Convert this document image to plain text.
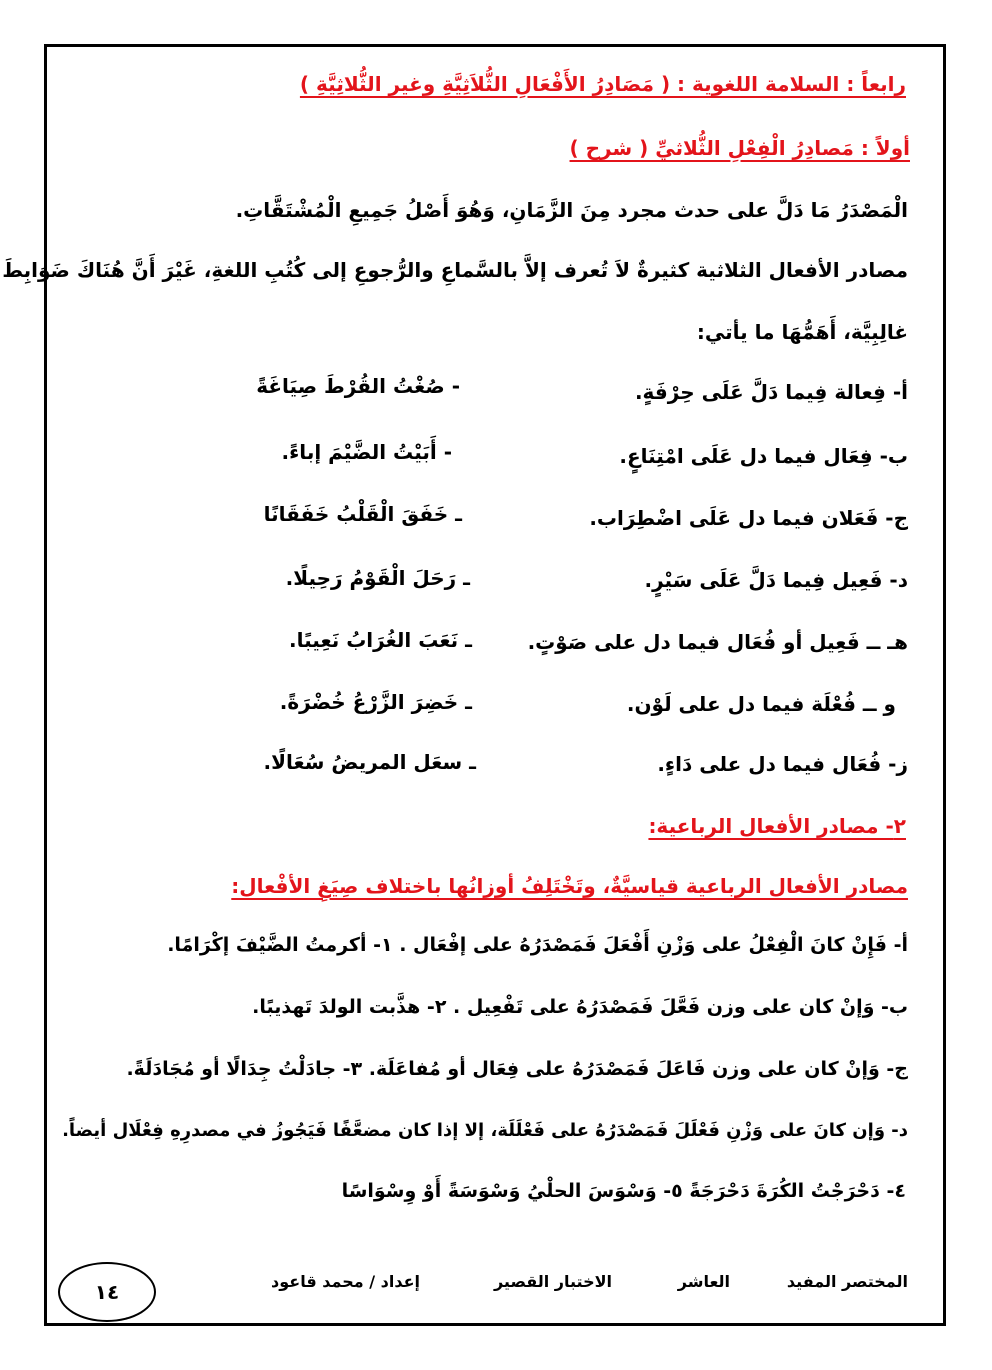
رابعاً : السلامة اللغوية : ( مَصَادِرُ الأَفْعَالِ الثُّلاَثِيَّةِ وغير الثُّلاثِيَّةِ )
أولاً : مَصادِرُ الْفِعْلِ الثُّلاثيِّ ( شرح )
الْمَصْدَرُ مَا دَلَّ على حدث مجرد مِنَ الزَّمَانِ، وَهُوَ أَصْلُ جَمِيعِ الْمُشْتَقَّاتِ.
مصادر الأفعال الثلاثية كثيرةٌ لاَ تُعرف إلاَّ بالسَّماعِ والرُّجوعِ إلى كُتُبِ اللغةِ، غَيْرَ أَنَّ هُنَاكَ ضَوَابِطَ
غالِبِيَّة، أَهَمُّهَا ما يأتي:
أ- فِعالة فِيما دَلَّ عَلَى حِرْفَةٍ.
- صُغْتُ القُرْطَ صِيَاغَةً
ب- فِعَال فيما دل عَلَى امْتِنَاعٍ.
- أَبَيْتُ الضَّيْمَ إباءً.
ج- فَعَلان فيما دل عَلَى اضْطِرَاب.
ـ خَفَقَ الْقَلْبُ خَفَقَانًا
د- فَعِيل فِيما دَلَّ عَلَى سَيْرٍ.
ـ رَحَلَ الْقَوْمُ رَحِيلًا.
هـ ــ فَعِيل أو فُعَال فيما دل على صَوْتٍ.
ـ نَعَبَ الغُرَابُ نَعِيبًا.
و ــ فُعْلَة فيما دل على لَوْن.
ـ خَضِرَ الزَّرْعُ خُضْرَةً.
ز- فُعَال فيما دل على دَاءٍ.
ـ سعَل المريضُ سُعَالًا.
٢- مصادر الأفعال الرباعية:
مصادر الأفعال الرباعية قياسيَّةٌ، وتَخْتَلِفُ أوزانُها باختلاف صِيَغِ الأفْعال:
أ- فَإِنْ كانَ الْفِعْلُ على وَزْنِ أَفْعَلَ فَمَصْدَرُهُ على إفْعَال . ١- أكرمتُ الضَّيْفَ إكْرَامًا.
ب- وَإنْ كان على وزن فَعَّلَ فَمَصْدَرُهُ على تَفْعِيل . ٢- هذَّبت الولدَ تَهذيبًا.
ج- وَإنْ كان على وزن فَاعَلَ فَمَصْدَرُهُ على فِعَال أو مُفاعَلَة. ٣- جادَلْتُ جِدَالًا أو مُجَادَلَةً.
د- وَإن كانَ على وَزْنِ فَعْلَلَ فَمَصْدَرُهُ على فَعْلَلَة، إلا إذا كان مضعَّفًا فَيَجُوزُ في مصدرِهِ فِعْلَال أيضاً.
٤- دَحْرَجْتُ الكُرَةَ دَحْرَجَةً ٥- وَسْوَسَ الحلْيُ وَسْوَسَةً أَوْ وِسْوَاسًا
المختصر المفيد
العاشر
الاختبار القصير
إعداد / محمد قاعود
١٤
